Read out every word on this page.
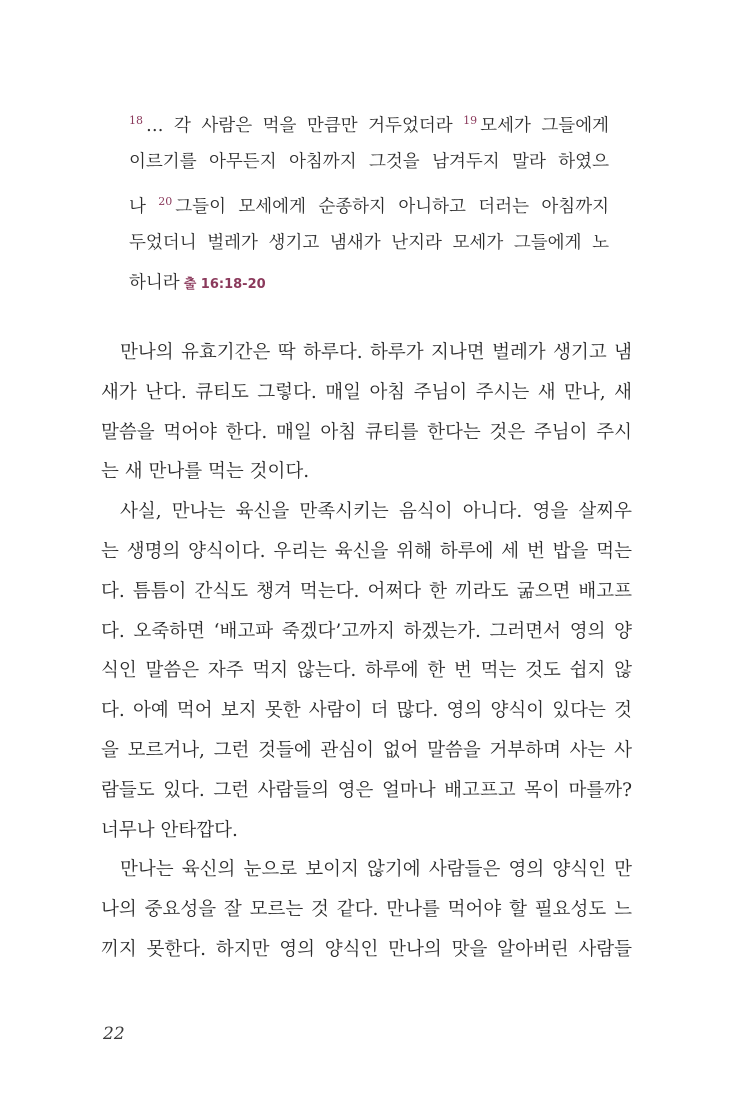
$^{18}$ … 각 사람은 먹을 만큼만 거두었더라 $^{19}$ 모세가 그들에게
이르기를 아무든지 아침까지 그것을 남겨두지 말라 하였으
나 $^{20}$ 그들이 모세에게 순종하지 아니하고 더러는 아침까지
두었더니 벌레가 생기고 냄새가 난지라 모세가 그들에게 노
하니라 출 16:18-20
만나의 유효기간은 딱 하루다. 하루가 지나면 벌레가 생기고 냄
새가 난다. 큐티도 그렇다. 매일 아침 주님이 주시는 새 만나, 새
말씀을 먹어야 한다. 매일 아침 큐티를 한다는 것은 주님이 주시
는 새 만나를 먹는 것이다.
사실, 만나는 육신을 만족시키는 음식이 아니다. 영을 살찌우
는 생명의 양식이다. 우리는 육신을 위해 하루에 세 번 밥을 먹는
다. 틈틈이 간식도 챙겨 먹는다. 어쩌다 한 끼라도 굶으면 배고프
다. 오죽하면 ‘배고파 죽겠다’고까지 하겠는가. 그러면서 영의 양
식인 말씀은 자주 먹지 않는다. 하루에 한 번 먹는 것도 쉽지 않
다. 아예 먹어 보지 못한 사람이 더 많다. 영의 양식이 있다는 것
을 모르거나, 그런 것들에 관심이 없어 말씀을 거부하며 사는 사
람들도 있다. 그런 사람들의 영은 얼마나 배고프고 목이 마를까?
너무나 안타깝다.
만나는 육신의 눈으로 보이지 않기에 사람들은 영의 양식인 만
나의 중요성을 잘 모르는 것 같다. 만나를 먹어야 할 필요성도 느
끼지 못한다. 하지만 영의 양식인 만나의 맛을 알아버린 사람들
22
